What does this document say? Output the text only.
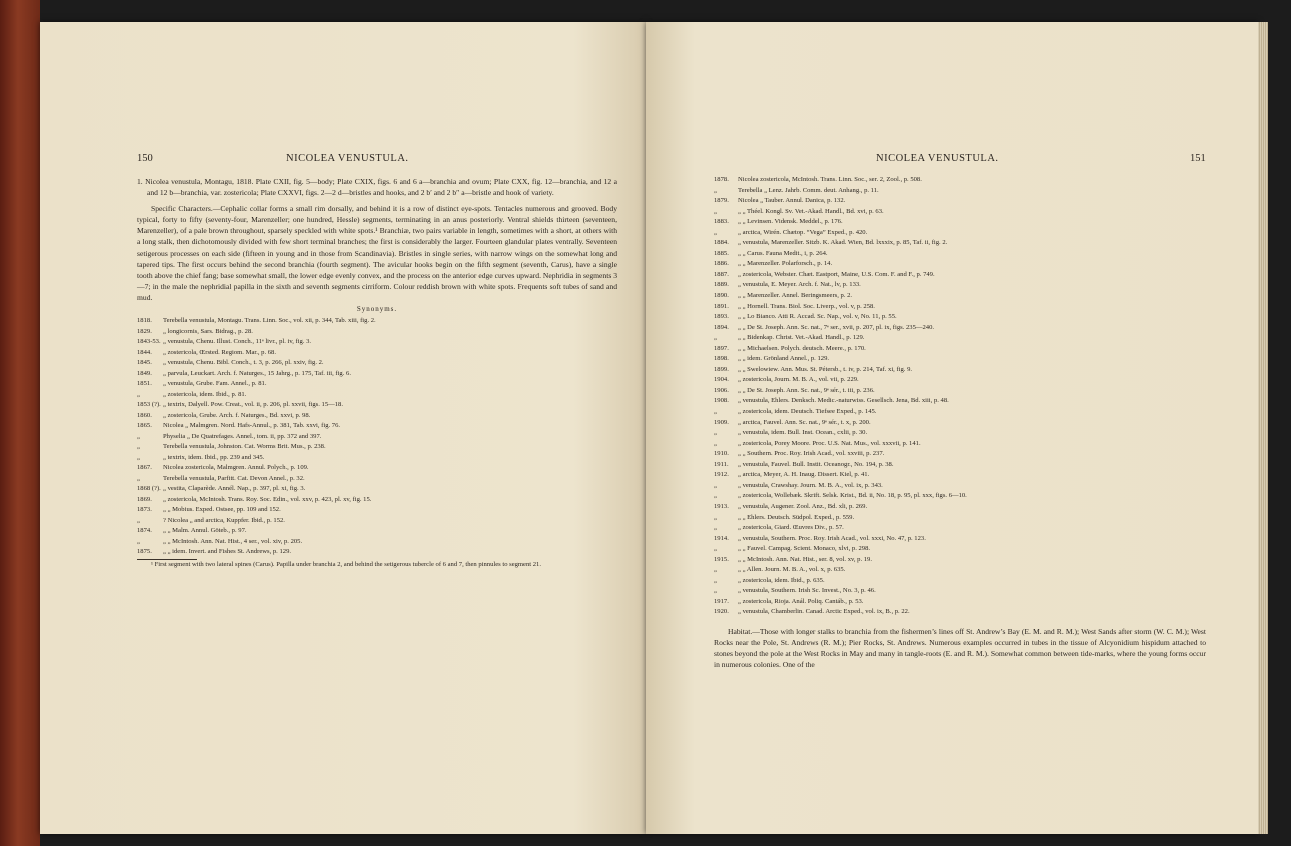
150	NICOLEA VENUSTULA.

1. Nicolea venustula, Montagu, 1818. Plate CXII, fig. 5—body; Plate CXIX, figs. 6 and 6 a—branchia and ovum; Plate CXX, fig. 12—branchia, and 12 a and 12 b—branchia, var. zostericola; Plate CXXVI, figs. 2—2 d—bristles and hooks, and 2 b′ and 2 b″ a—bristle and hook of variety.

Specific Characters.—Cephalic collar forms a small rim dorsally, and behind it is a row of distinct eye-spots. Tentacles numerous and grooved. Body typical, forty to fifty (seventy-four, Marenzeller; one hundred, Hessle) segments, terminating in an anus posteriorly. Ventral shields thirteen (seventeen, Marenzeller), of a pale brown throughout, sparsely speckled with white spots.¹ Branchiæ, two pairs variable in length, sometimes with a short, at others with a long stalk, then dichotomously divided with few short terminal branches; the first is considerably the larger. Fourteen glandular plates ventrally. Seventeen setigerous processes on each side (fifteen in young and in those from Scandinavia). Bristles in single series, with narrow wings on the somewhat long and tapered tips. The first occurs behind the second branchia (fourth segment). The avicular hooks begin on the fifth segment (seventh, Carus), have a single tooth above the chief fang; base somewhat small, the lower edge evenly convex, and the process on the anterior edge curves upward. Nephridia in segments 3—7; in the male the nephridial papilla in the sixth and seventh segments cirriform. Colour reddish brown with white spots. Frequents soft tubes of sand and mud.

Synonyms.
1818. Terebella venustula, Montagu. Trans. Linn. Soc., vol. xii, p. 344, Tab. xiii, fig. 2.
1829. „ longicornis, Sars. Bidrag., p. 28.
1843-53. „ venustula, Chenu. Illust. Conch., 11ᵉ livr., pl. iv, fig. 3.
1844. „ zostericola, Œrsted. Regiom. Mar., p. 68.
1845. „ venustula, Chenu. Bibl. Conch., t. 3, p. 266, pl. xxiv, fig. 2.
1849. „ parvula, Leuckart. Arch. f. Naturges., 15 Jahrg., p. 175, Taf. iii, fig. 6.
1851. „ venustula, Grube. Fam. Annel., p. 81.
„	„ zostericola, idem. Ibid., p. 81.
1853 (?). „ textrix, Dalyell. Pow. Creat., vol. ii, p. 206, pl. xxvii, figs. 15—18.
1860. „ zostericola, Grube. Arch. f. Naturges., Bd. xxvi, p. 98.
1865. Nicolea „ Malmgren. Nord. Hafs-Annul., p. 381, Tab. xxvi, fig. 76.
„	Physelia „ De Quatrefages. Annel., tom. ii, pp. 372 and 397.
„	Terebella venustula, Johnston. Cat. Worms Brit. Mus., p. 238.
„	„ textrix, idem. Ibid., pp. 239 and 345.
1867. Nicolea zostericola, Malmgren. Annul. Polych., p. 109.
„	Terebella venustula, Parfitt. Cat. Devon Annel., p. 32.
1868 (?). „ vestita, Claparède. Annél. Nap., p. 397, pl. xi, fig. 3.
1869. „ zostericola, McIntosh. Trans. Roy. Soc. Edin., vol. xxv, p. 423, pl. xv, fig. 15.
1873. „ „ Mobius. Exped. Ostsee, pp. 109 and 152.
„	? Nicolea „ and arctica, Kuppfer. Ibid., p. 152.
1874. „ „ Malm. Annul. Göteb., p. 97.
„	„ „ McIntosh. Ann. Nat. Hist., 4 ser., vol. xiv, p. 205.
1875. „ „ idem. Invert. and Fishes St. Andrews, p. 129.

¹ First segment with two lateral spines (Carus). Papilla under branchia 2, and behind the setigerous tubercle of 6 and 7, then pinnules to segment 21.

NICOLEA VENUSTULA.	151
1878. Nicolea zostericola, McIntosh. Trans. Linn. Soc., ser. 2, Zool., p. 508.
„	Terebella „ Lenz. Jahrb. Comm. deut. Anhang., p. 11.
1879. Nicolea „ Tauber. Annul. Danica, p. 132.
„	„ „ Théel. Kongl. Sv. Vet.-Akad. Handl., Bd. xvi, p. 63.
1883. „ „ Levinsen. Vidensk. Meddel., p. 176.
„	„ arctica, Wirén. Chætop. “Vega” Exped., p. 420.
1884. „ venustula, Marenzeller. Sitzb. K. Akad. Wien, Bd. lxxxix, p. 85, Taf. ii, fig. 2.
1885. „ „ Carus. Fauna Medit., i, p. 264.
1886. „ „ Marenzeller. Polarforsch., p. 14.
1887. „ zostericola, Webster. Chæt. Eastport, Maine, U.S. Com. F. and F., p. 749.
1889. „ venustula, E. Meyer. Arch. f. Nat., lv, p. 133.
1890. „ „ Marenzeller. Annel. Beringsmeers, p. 2.
1891. „ „ Hornell. Trans. Biol. Soc. Liverp., vol. v, p. 258.
1893. „ „ Lo Bianco. Atti R. Accad. Sc. Nap., vol. v, No. 11, p. 55.
1894. „ „ De St. Joseph. Ann. Sc. nat., 7ᵉ ser., xvii, p. 207, pl. ix, figs. 235—240.
„	„ „ Bidenkap. Christ. Vet.-Akad. Handl., p. 129.
1897. „ „ Michaelsen. Polych. deutsch. Meere., p. 170.
1898. „ „ idem. Grönland Annel., p. 129.
1899. „ „ Swelowiew. Ann. Mus. St. Pétersb., t. iv, p. 214, Taf. xi, fig. 9.
1904. „ zostericola, Journ. M. B. A., vol. vii, p. 229.
1906. „ „ De St. Joseph. Ann. Sc. nat., 9ᵉ sér., t. iii, p. 236.
1908. „ venustula, Ehlers. Denksch. Medic.-naturwiss. Gesellsch. Jena, Bd. xiii, p. 48.
„	„ zostericola, idem. Deutsch. Tiefsee Exped., p. 145.
1909. „ arctica, Fauvel. Ann. Sc. nat., 9ᵉ sér., t. x, p. 200.
„	„ venustula, idem. Bull. Inst. Ocean., cxlii, p. 30.
„	„ zostericola, Porey Moore. Proc. U.S. Nat. Mus., vol. xxxvii, p. 141.
1910. „ „ Southern. Proc. Roy. Irish Acad., vol. xxviii, p. 237.
1911. „ venustula, Fauvel. Bull. Instit. Oceanogr., No. 194, p. 38.
1912. „ arctica, Meyer, A. H. Inaug. Dissert. Kiel, p. 41.
„	„ venustula, Crawshay. Journ. M. B. A., vol. ix, p. 343.
„	„ zostericola, Wollebæk. Skrift. Selsk. Krist., Bd. ii, No. 18, p. 95, pl. xxx, figs. 6—10.
1913. „ venustula, Augener. Zool. Anz., Bd. xli, p. 269.
„	„ „ Ehlers. Deutsch. Südpol. Exped., p. 559.
„	„ zostericola, Giard. Œuvres Div., p. 57.
1914. „ venustula, Southern. Proc. Roy. Irish Acad., vol. xxxi, No. 47, p. 123.
„	„ „ Fauvel. Campag. Scient. Monaco, xlvi, p. 298.
1915. „ „ McIntosh. Ann. Nat. Hist., ser. 8, vol. xv, p. 19.
„	„ „ Allen. Journ. M. B. A., vol. x, p. 635.
„	„ zostericola, idem. Ibid., p. 635.
„	„ venustula, Southern. Irish Sc. Invest., No. 3, p. 46.
1917. „ zostericola, Rioja. Anál. Poliq. Cantáb., p. 53.
1920. „ venustula, Chamberlin. Canad. Arctic Exped., vol. ix, B., p. 22.

Habitat.—Those with longer stalks to branchia from the fishermen’s lines off St. Andrew’s Bay (E. M. and R. M.); West Sands after storm (W. C. M.); West Rocks near the Pole, St. Andrews (R. M.); Pier Rocks, St. Andrews. Numerous examples occurred in tubes in the tissue of Alcyonidium hispidum attached to stones beyond the pole at the West Rocks in May and many in tangle-roots (E. and R. M.). Somewhat common between tide-marks, where the young forms occur in numerous colonies. One of the
